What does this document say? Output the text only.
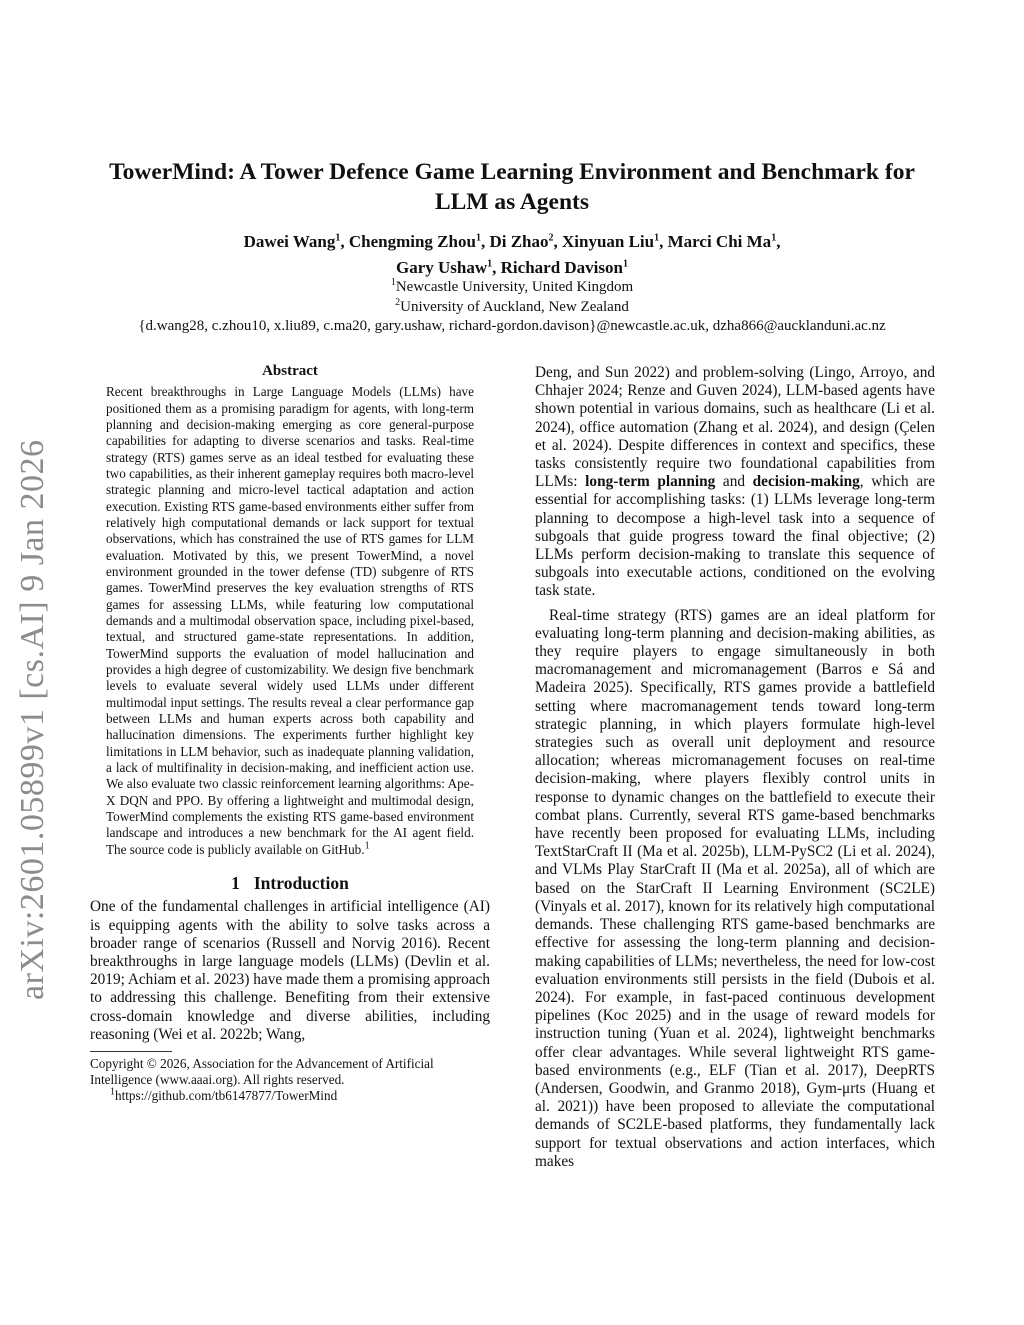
arXiv:2601.05899v1 [cs.AI] 9 Jan 2026
TowerMind: A Tower Defence Game Learning Environment and Benchmark for LLM as Agents
Dawei Wang$^1$, Chengming Zhou$^1$, Di Zhao$^2$, Xinyuan Liu$^1$, Marci Chi Ma$^1$,
Gary Ushaw$^1$, Richard Davison$^1$
$^1$Newcastle University, United Kingdom
$^2$University of Auckland, New Zealand
{d.wang28, c.zhou10, x.liu89, c.ma20, gary.ushaw, richard-gordon.davison}@newcastle.ac.uk, dzha866@aucklanduni.ac.nz
Abstract
Recent breakthroughs in Large Language Models (LLMs) have positioned them as a promising paradigm for agents, with long-term planning and decision-making emerging as core general-purpose capabilities for adapting to diverse scenarios and tasks. Real-time strategy (RTS) games serve as an ideal testbed for evaluating these two capabilities, as their inherent gameplay requires both macro-level strategic planning and micro-level tactical adaptation and action execution. Existing RTS game-based environments either suffer from relatively high computational demands or lack support for textual observations, which has constrained the use of RTS games for LLM evaluation. Motivated by this, we present TowerMind, a novel environment grounded in the tower defense (TD) subgenre of RTS games. TowerMind preserves the key evaluation strengths of RTS games for assessing LLMs, while featuring low computational demands and a multimodal observation space, including pixel-based, textual, and structured game-state representations. In addition, TowerMind supports the evaluation of model hallucination and provides a high degree of customizability. We design five benchmark levels to evaluate several widely used LLMs under different multimodal input settings. The results reveal a clear performance gap between LLMs and human experts across both capability and hallucination dimensions. The experiments further highlight key limitations in LLM behavior, such as inadequate planning validation, a lack of multifinality in decision-making, and inefficient action use. We also evaluate two classic reinforcement learning algorithms: Ape-X DQN and PPO. By offering a lightweight and multimodal design, TowerMind complements the existing RTS game-based environment landscape and introduces a new benchmark for the AI agent field. The source code is publicly available on GitHub.$^1$
1 Introduction

One of the fundamental challenges in artificial intelligence (AI) is equipping agents with the ability to solve tasks across a broader range of scenarios (Russell and Norvig 2016). Recent breakthroughs in large language models (LLMs) (Devlin et al. 2019; Achiam et al. 2023) have made them a promising approach to addressing this challenge. Benefiting from their extensive cross-domain knowledge and diverse abilities, including reasoning (Wei et al. 2022b; Wang,

Copyright © 2026, Association for the Advancement of Artificial Intelligence (www.aaai.org). All rights reserved.
$^1$https://github.com/tb6147877/TowerMind

Deng, and Sun 2022) and problem-solving (Lingo, Arroyo, and Chhajer 2024; Renze and Guven 2024), LLM-based agents have shown potential in various domains, such as healthcare (Li et al. 2024), office automation (Zhang et al. 2024), and design (Çelen et al. 2024). Despite differences in context and specifics, these tasks consistently require two foundational capabilities from LLMs: long-term planning and decision-making, which are essential for accomplishing tasks: (1) LLMs leverage long-term planning to decompose a high-level task into a sequence of subgoals that guide progress toward the final objective; (2) LLMs perform decision-making to translate this sequence of subgoals into executable actions, conditioned on the evolving task state.

Real-time strategy (RTS) games are an ideal platform for evaluating long-term planning and decision-making abilities, as they require players to engage simultaneously in both macromanagement and micromanagement (Barros e Sá and Madeira 2025). Specifically, RTS games provide a battlefield setting where macromanagement tends toward long-term strategic planning, in which players formulate high-level strategies such as overall unit deployment and resource allocation; whereas micromanagement focuses on real-time decision-making, where players flexibly control units in response to dynamic changes on the battlefield to execute their combat plans. Currently, several RTS game-based benchmarks have recently been proposed for evaluating LLMs, including TextStarCraft II (Ma et al. 2025b), LLM-PySC2 (Li et al. 2024), and VLMs Play StarCraft II (Ma et al. 2025a), all of which are based on the StarCraft II Learning Environment (SC2LE) (Vinyals et al. 2017), known for its relatively high computational demands. These challenging RTS game-based benchmarks are effective for assessing the long-term planning and decision-making capabilities of LLMs; nevertheless, the need for low-cost evaluation environments still persists in the field (Dubois et al. 2024). For example, in fast-paced continuous development pipelines (Koc 2025) and in the usage of reward models for instruction tuning (Yuan et al. 2024), lightweight benchmarks offer clear advantages. While several lightweight RTS game-based environments (e.g., ELF (Tian et al. 2017), DeepRTS (Andersen, Goodwin, and Granmo 2018), Gym-μrts (Huang et al. 2021)) have been proposed to alleviate the computational demands of SC2LE-based platforms, they fundamentally lack support for textual observations and action interfaces, which makes
